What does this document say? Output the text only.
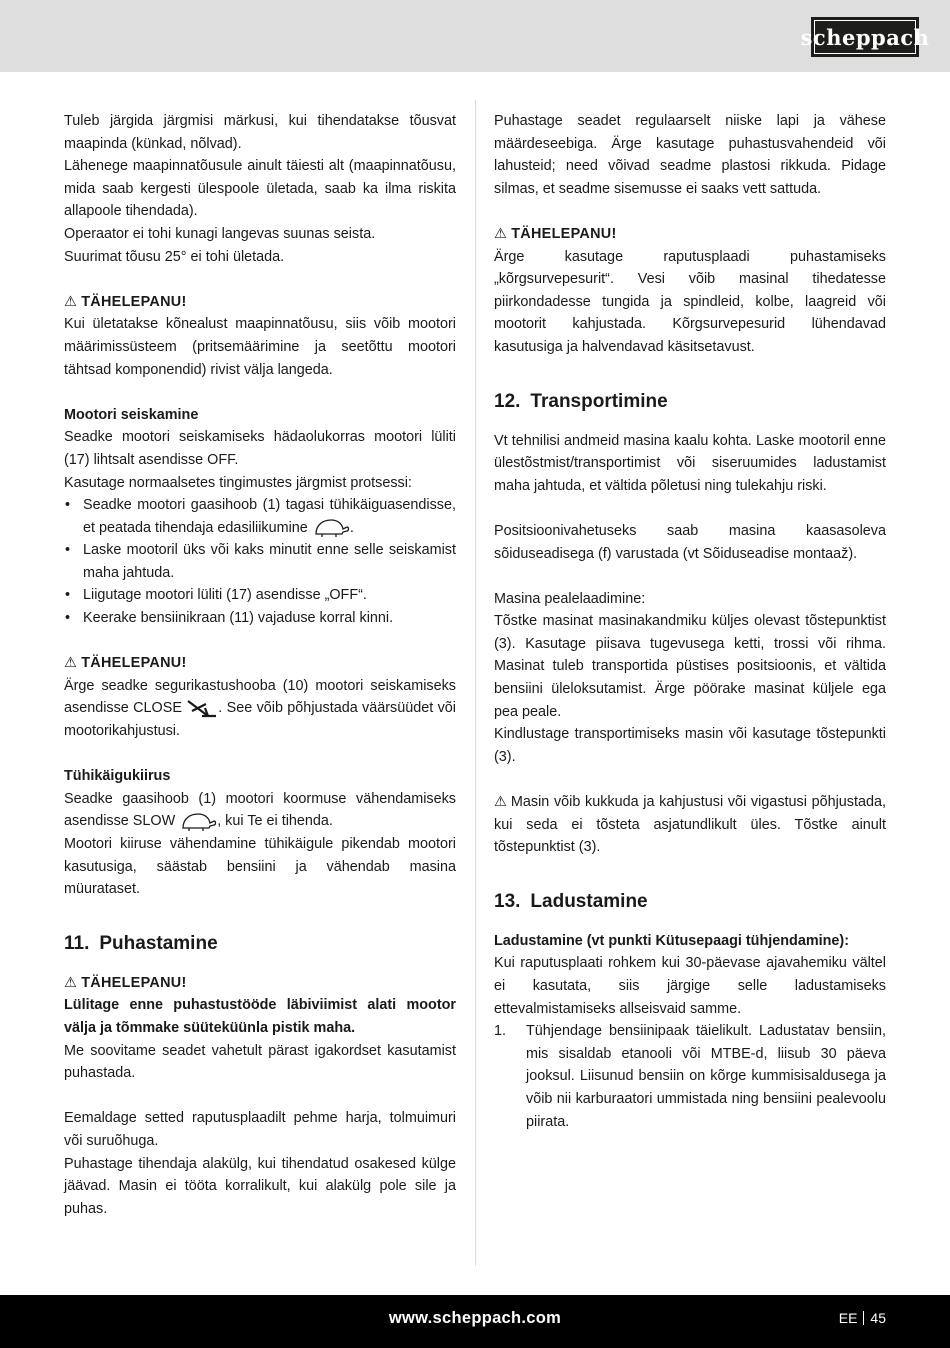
scheppach

Tuleb järgida järgmisi märkusi, kui tihendatakse tõusvat maapinda (künkad, nõlvad).

Lähenege maapinnatõusule ainult täiesti alt (maapinnatõusu, mida saab kergesti ülespoole ületada, saab ka ilma riskita allapoole tihendada).

Operaator ei tohi kunagi langevas suunas seista.

Suurimat tõusu 25° ei tohi ületada.

⚠ TÄHELEPANU!

Kui ületatakse kõnealust maapinnatõusu, siis võib mootori määrimissüsteem (pritsemäärimine ja seetõttu mootori tähtsad komponendid) rivist välja langeda.

Mootori seiskamine

Seadke mootori seiskamiseks hädaolukorras mootori lüliti (17) lihtsalt asendisse OFF.

Kasutage normaalsetes tingimustes järgmist protsessi:

• Seadke mootori gaasihoob (1) tagasi tühikäiguasendisse, et peatada tihendaja edasiliikumine	.
• Laske mootoril üks või kaks minutit enne selle seiskamist maha jahtuda.
• Liigutage mootori lüliti (17) asendisse „OFF“.
• Keerake bensiinikraan (11) vajaduse korral kinni.

⚠ TÄHELEPANU!

Ärge seadke segurikastushooba (10) mootori seiskamiseks asendisse CLOSE	. See võib põhjustada väärsüüdet või mootorikahjustusi.

Tühikäigukiirus

Seadke gaasihoob (1) mootori koormuse vähendamiseks asendisse SLOW	, kui Te ei tihenda.

Mootori kiiruse vähendamine tühikäigule pikendab mootori kasutusiga, säästab bensiini ja vähendab masina müurataset.

11. Puhastamine

⚠ TÄHELEPANU!

Lülitage enne puhastustööde läbiviimist alati mootor välja ja tõmmake süüteküünla pistik maha.

Me soovitame seadet vahetult pärast igakordset kasutamist puhastada.

Eemaldage setted raputusplaadilt pehme harja, tolmuimuri või suruõhuga.

Puhastage tihendaja alakülg, kui tihendatud osakesed külge jäävad. Masin ei tööta korralikult, kui alakülg pole sile ja puhas.

Puhastage seadet regulaarselt niiske lapi ja vähese määrdeseebiga. Ärge kasutage puhastusvahendeid või lahusteid; need võivad seadme plastosi rikkuda. Pidage silmas, et seadme sisemusse ei saaks vett sattuda.

⚠ TÄHELEPANU!

Ärge kasutage raputusplaadi puhastamiseks „kõrgsurvepesurit“. Vesi võib masinal tihedatesse piirkondadesse tungida ja spindleid, kolbe, laagreid või mootorit kahjustada. Kõrgsurvepesurid lühendavad kasutusiga ja halvendavad käsitsetavust.

12. Transportimine

Vt tehnilisi andmeid masina kaalu kohta. Laske mootoril enne ülestõstmist/transportimist või siseruumides ladustamist maha jahtuda, et vältida põletusi ning tulekahju riski.

Positsioonivahetuseks saab masina kaasasoleva sõiduseadisega (f) varustada (vt Sõiduseadise montaaž).

Masina pealelaadimine:

Tõstke masinat masinakandmiku küljes olevast tõstepunktist (3). Kasutage piisava tugevusega ketti, trossi või rihma. Masinat tuleb transportida püstises positsioonis, et vältida bensiini ülelоksutamist. Ärge pöörake masinat küljele ega pea peale.

Kindlustage transportimiseks masin või kasutage tõstepunkti (3).

⚠ Masin võib kukkuda ja kahjustusi või vigastusi põhjustada, kui seda ei tõsteta asjatundlikult üles. Tõstke ainult tõstepunktist (3).

13. Ladustamine

Ladustamine (vt punkti Kütusepaagi tühjendamine):

Kui raputusplaati rohkem kui 30-päevase ajavahemiku vältel ei kasutata, siis järgige selle ladustamiseks ettevalmistamiseks allseisvaid samme.

1. Tühjendage bensiinipaak täielikult. Ladustatav bensiin, mis sisaldab etanooli või MTBE-d, liisub 30 päeva jooksul. Liisunud bensiin on kõrge kummisisaldusega ja võib nii karburaatori ummistada ning bensiini pealevoolu piirata.
www.scheppach.com	EE 45
